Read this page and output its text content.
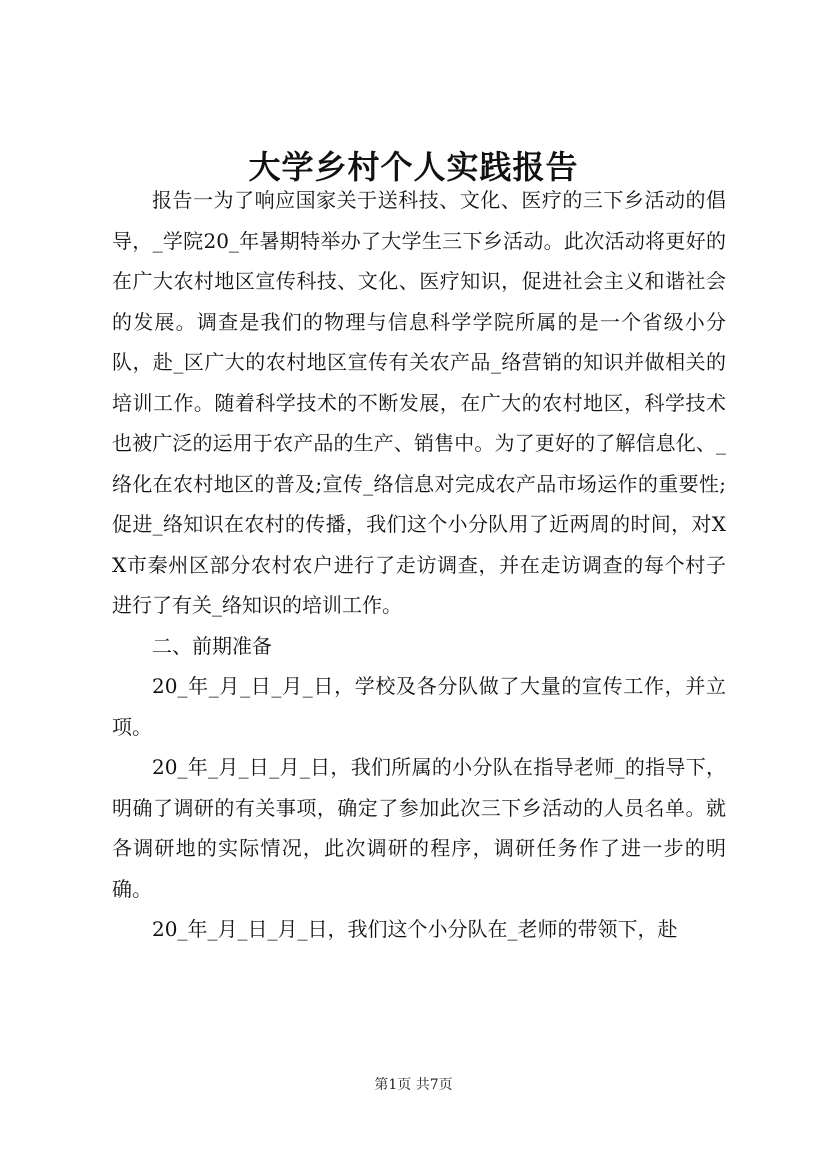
大学乡村个人实践报告

报告一为了响应国家关于送科技、文化、医疗的三下乡活动的倡导，_学院20_年暑期特举办了大学生三下乡活动。此次活动将更好的在广大农村地区宣传科技、文化、医疗知识，促进社会主义和谐社会的发展。调查是我们的物理与信息科学学院所属的是一个省级小分队，赴_区广大的农村地区宣传有关农产品_络营销的知识并做相关的培训工作。随着科学技术的不断发展，在广大的农村地区，科学技术也被广泛的运用于农产品的生产、销售中。为了更好的了解信息化、_络化在农村地区的普及;宣传_络信息对完成农产品市场运作的重要性;促进_络知识在农村的传播，我们这个小分队用了近两周的时间，对XX市秦州区部分农村农户进行了走访调查，并在走访调查的每个村子进行了有关_络知识的培训工作。

二、前期准备

20_年_月_日_月_日，学校及各分队做了大量的宣传工作，并立项。

20_年_月_日_月_日，我们所属的小分队在指导老师_的指导下，明确了调研的有关事项，确定了参加此次三下乡活动的人员名单。就各调研地的实际情况，此次调研的程序，调研任务作了进一步的明确。

20_年_月_日_月_日，我们这个小分队在_老师的带领下，赴

第1页 共7页
